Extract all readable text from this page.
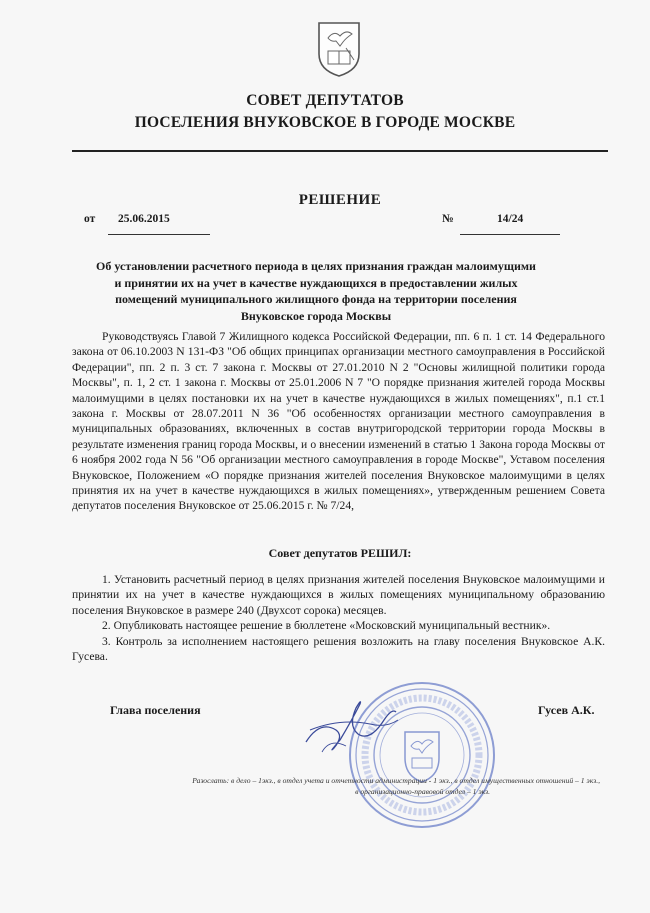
СОВЕТ ДЕПУТАТОВ
ПОСЕЛЕНИЯ ВНУКОВСКОЕ В ГОРОДЕ МОСКВЕ
РЕШЕНИЕ
от 25.06.2015	№	14/24
Об установлении расчетного периода в целях признания граждан малоимущими и принятии их на учет в качестве нуждающихся в предоставлении жилых помещений муниципального жилищного фонда на территории поселения Внуковское города Москвы
Руководствуясь Главой 7 Жилищного кодекса Российской Федерации, пп. 6 п. 1 ст. 14 Федерального закона от 06.10.2003 N 131-ФЗ "Об общих принципах организации местного самоуправления в Российской Федерации", пп. 2 п. 3 ст. 7 закона г. Москвы от 27.01.2010 N 2 "Основы жилищной политики города Москвы", п. 1, 2 ст. 1 закона г. Москвы от 25.01.2006 N 7 "О порядке признания жителей города Москвы малоимущими в целях постановки их на учет в качестве нуждающихся в жилых помещениях", п.1 ст.1 закона г. Москвы от 28.07.2011 N 36 "Об особенностях организации местного самоуправления в муниципальных образованиях, включенных в состав внутригородской территории города Москвы в результате изменения границ города Москвы, и о внесении изменений в статью 1 Закона города Москвы от 6 ноября 2002 года N 56 "Об организации местного самоуправления в городе Москве", Уставом поселения Внуковское, Положением «О порядке признания жителей поселения Внуковское малоимущими в целях принятия их на учет в качестве нуждающихся в жилых помещениях», утвержденным решением Совета депутатов поселения Внуковское от 25.06.2015 г. № 7/24,
Совет депутатов РЕШИЛ:

1. Установить расчетный период в целях признания жителей поселения Внуковское малоимущими и принятии их на учет в качестве нуждающихся в жилых помещениях муниципальному образованию поселения Внуковское в размере 240 (Двухсот сорока) месяцев.

2. Опубликовать настоящее решение в бюллетене «Московский муниципальный вестник».

3. Контроль за исполнением настоящего решения возложить на главу поселения Внуковское А.К. Гусева.

Глава поселения	Гусев А.К.
Разослать: в дело – 1экз., в отдел учета и отчетности администрации - 1 экз., в отдел имущественных отношений – 1 экз.,
в организационно-правовой отдел – 1 экз.
